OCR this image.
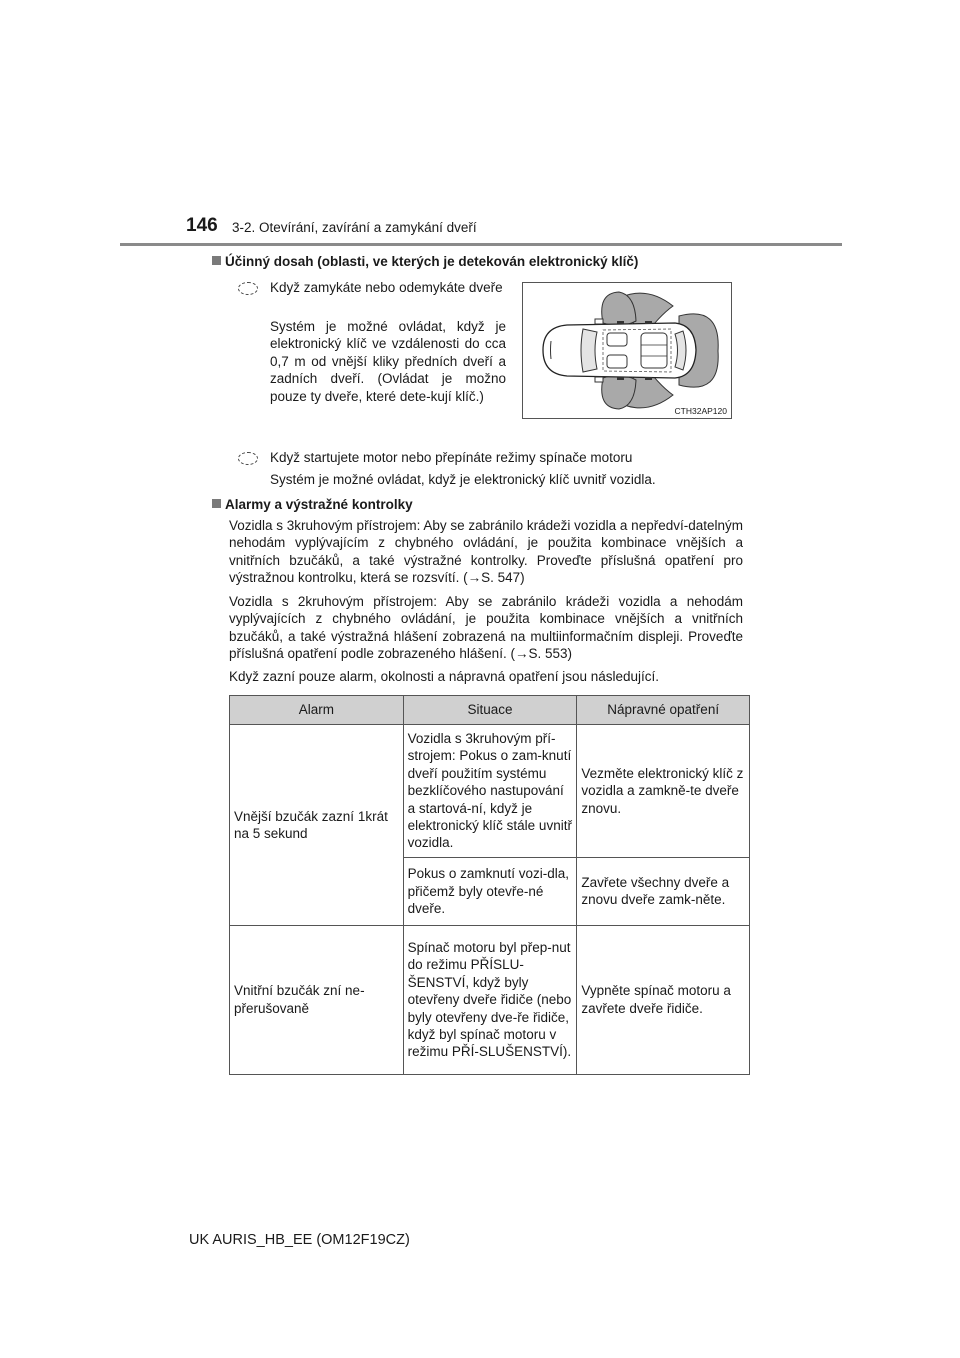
146 3-2. Otevírání, zavírání a zamykání dveří
Účinný dosah (oblasti, ve kterých je detekován elektronický klíč)

Když zamykáte nebo odemykáte dveře

Systém je možné ovládat, když je elektronický klíč ve vzdálenosti do cca 0,7 m od vnější kliky předních dveří a zadních dveří. (Ovládat je možno pouze ty dveře, které dete-kují klíč.)

CTH32AP120

Když startujete motor nebo přepínáte režimy spínače motoru

Systém je možné ovládat, když je elektronický klíč uvnitř vozidla.

Alarmy a výstražné kontrolky

Vozidla s 3kruhovým přístrojem: Aby se zabránilo krádeži vozidla a nepředví-datelným nehodám vyplývajícím z chybného ovládání, je použita kombinace vnějších a vnitřních bzučáků, a také výstražné kontrolky. Proveďte příslušná opatření pro výstražnou kontrolku, která se rozsvítí. (→S. 547)

Vozidla s 2kruhovým přístrojem: Aby se zabránilo krádeži vozidla a nehodám vyplývajících z chybného ovládání, je použita kombinace vnějších a vnitřních bzučáků, a také výstražná hlášení zobrazená na multiinformačním displeji. Proveďte příslušná opatření podle zobrazeného hlášení. (→S. 553)

Když zazní pouze alarm, okolnosti a nápravná opatření jsou následující.

Alarm	Situace	Nápravné opatření
Vnější bzučák zazní 1krát na 5 sekund	Vozidla s 3kruhovým pří-strojem: Pokus o zam-knutí dveří použitím systému bezklíčového nastupování a startová-ní, když je elektronický klíč stále uvnitř vozidla.	Vezměte elektronický klíč z vozidla a zamkně-te dveře znovu.
	Pokus o zamknutí vozi-dla, přičemž byly otevře-né dveře.	Zavřete všechny dveře a znovu dveře zamk-něte.
Vnitřní bzučák zní ne-přerušovaně	Spínač motoru byl přep-nut do režimu PŘÍSLU-ŠENSTVÍ, když byly otevřeny dveře řidiče (nebo byly otevřeny dve-ře řidiče, když byl spínač motoru v režimu PŘÍ-SLUŠENSTVÍ).	Vypněte spínač motoru a zavřete dveře řidiče.
UK AURIS_HB_EE (OM12F19CZ)
